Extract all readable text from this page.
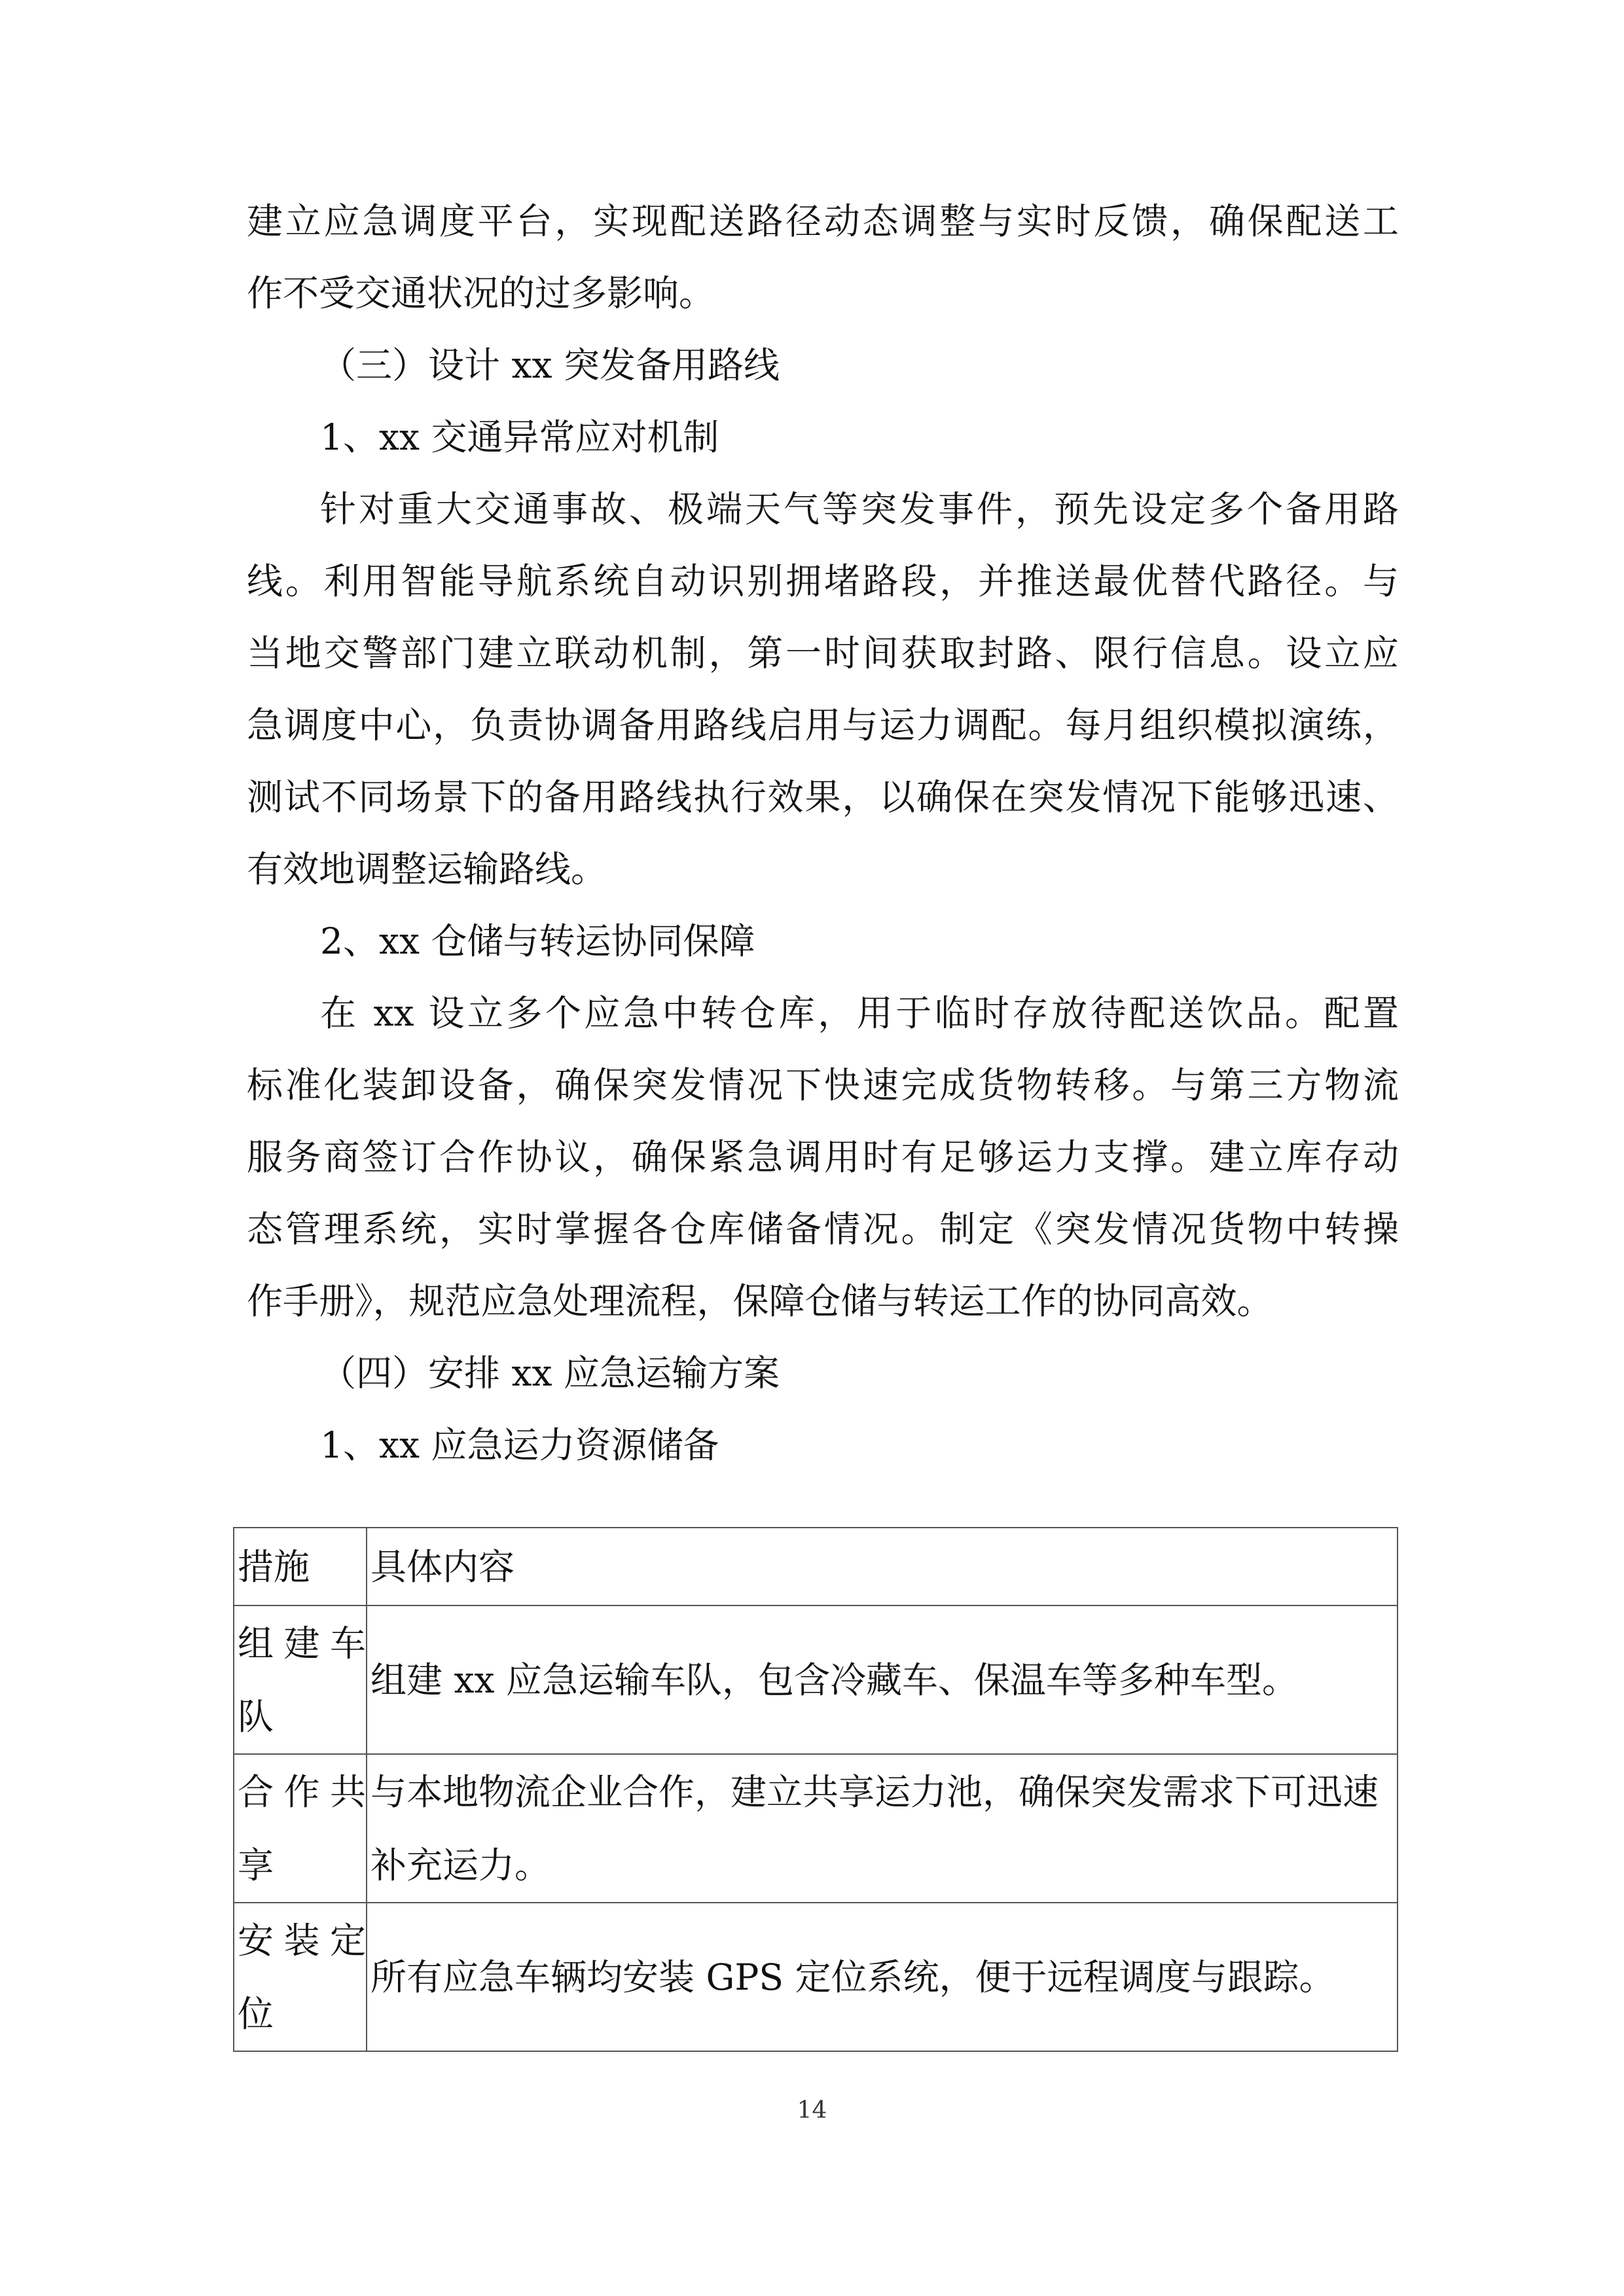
建立应急调度平台，实现配送路径动态调整与实时反馈，确保配送工
作不受交通状况的过多影响。
（三）设计 xx 突发备用路线
1、xx 交通异常应对机制
针对重大交通事故、极端天气等突发事件，预先设定多个备用路
线。利用智能导航系统自动识别拥堵路段，并推送最优替代路径。与
当地交警部门建立联动机制，第一时间获取封路、限行信息。设立应
急调度中心，负责协调备用路线启用与运力调配。每月组织模拟演练，
测试不同场景下的备用路线执行效果，以确保在突发情况下能够迅速、
有效地调整运输路线。
2、xx 仓储与转运协同保障
在 xx 设立多个应急中转仓库，用于临时存放待配送饮品。配置
标准化装卸设备，确保突发情况下快速完成货物转移。与第三方物流
服务商签订合作协议，确保紧急调用时有足够运力支撑。建立库存动
态管理系统，实时掌握各仓库储备情况。制定《突发情况货物中转操
作手册》，规范应急处理流程，保障仓储与转运工作的协同高效。
（四）安排 xx 应急运输方案
1、xx 应急运力资源储备
措施	具体内容

组建车
队	组建 xx 应急运输车队，包含冷藏车、保温车等多种车型。

合作共
享	与本地物流企业合作，建立共享运力池，确保突发需求下可迅速补充运力。

安装定
位	所有应急车辆均安装 GPS 定位系统，便于远程调度与跟踪。
14
